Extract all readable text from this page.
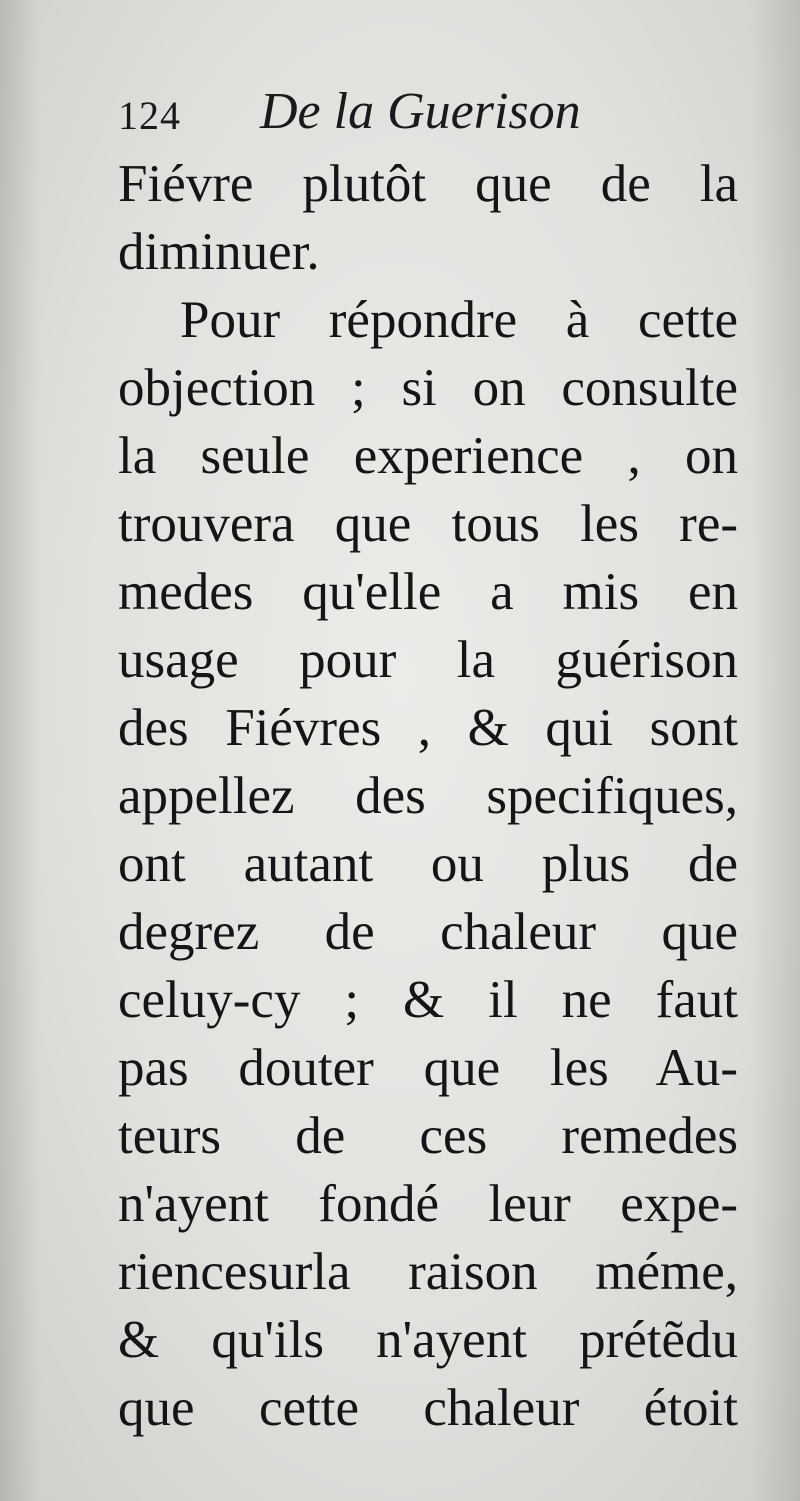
124 De la Guerison
Fiévre plutôt que de la
diminuer.
Pour répondre à cette
objection ; si on consulte
la seule experience , on
trouvera que tous les re-
medes qu'elle a mis en
usage pour la guérison
des Fiévres , & qui sont
appellez des specifiques,
ont autant ou plus de
degrez de chaleur que
celuy-cy ; & il ne faut
pas douter que les Au-
teurs de ces remedes
n'ayent fondé leur expe-
riencesurla raison méme,
& qu'ils n'ayent prétẽdu
que cette chaleur étoit
